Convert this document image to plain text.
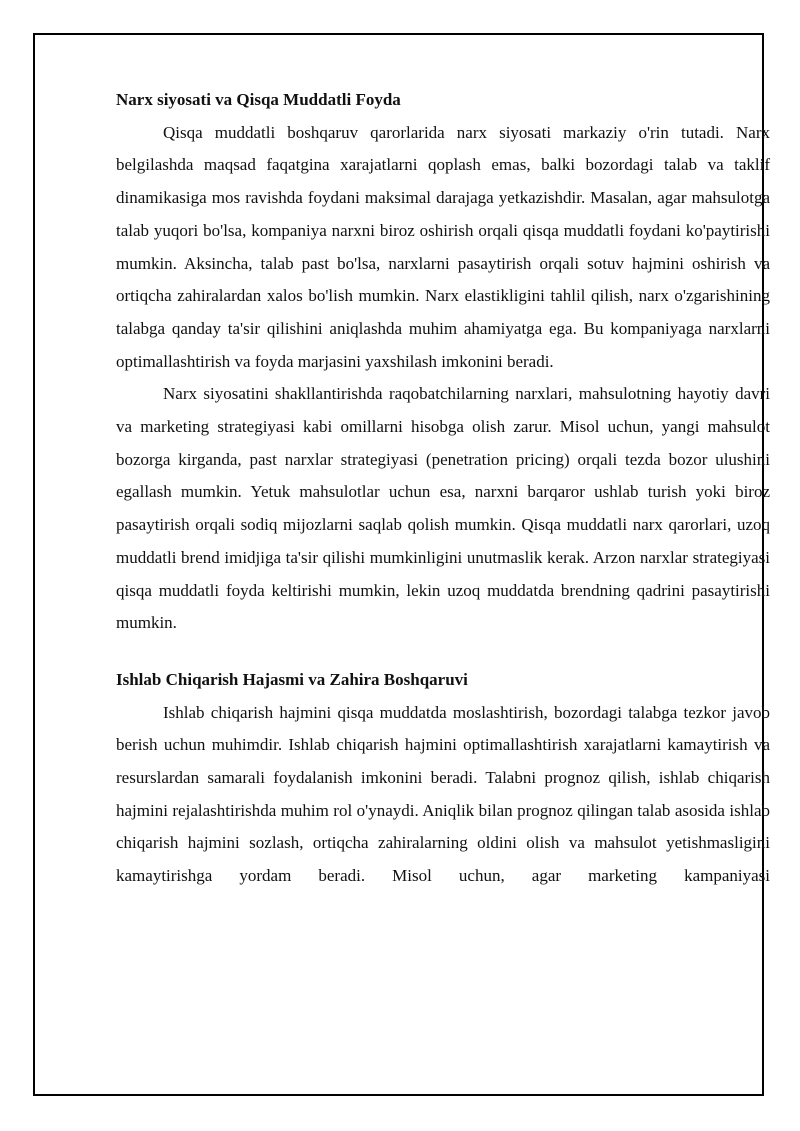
Narx siyosati va Qisqa Muddatli Foyda

Qisqa muddatli boshqaruv qarorlarida narx siyosati markaziy o'rin tutadi. Narx belgilashda maqsad faqatgina xarajatlarni qoplash emas, balki bozordagi talab va taklif dinamikasiga mos ravishda foydani maksimal darajaga yetkazishdir. Masalan, agar mahsulotga talab yuqori bo'lsa, kompaniya narxni biroz oshirish orqali qisqa muddatli foydani ko'paytirishi mumkin. Aksincha, talab past bo'lsa, narxlarni pasaytirish orqali sotuv hajmini oshirish va ortiqcha zahiralardan xalos bo'lish mumkin. Narx elastikligini tahlil qilish, narx o'zgarishining talabga qanday ta'sir qilishini aniqlashda muhim ahamiyatga ega. Bu kompaniyaga narxlarni optimallashtirish va foyda marjasini yaxshilash imkonini beradi.

Narx siyosatini shakllantirishda raqobatchilarning narxlari, mahsulotning hayotiy davri va marketing strategiyasi kabi omillarni hisobga olish zarur. Misol uchun, yangi mahsulot bozorga kirganda, past narxlar strategiyasi (penetration pricing) orqali tezda bozor ulushini egallash mumkin. Yetuk mahsulotlar uchun esa, narxni barqaror ushlab turish yoki biroz pasaytirish orqali sodiq mijozlarni saqlab qolish mumkin. Qisqa muddatli narx qarorlari, uzoq muddatli brend imidjiga ta'sir qilishi mumkinligini unutmaslik kerak. Arzon narxlar strategiyasi qisqa muddatli foyda keltirishi mumkin, lekin uzoq muddatda brendning qadrini pasaytirishi mumkin.

Ishlab Chiqarish Hajasmi va Zahira Boshqaruvi

Ishlab chiqarish hajmini qisqa muddatda moslashtirish, bozordagi talabga tezkor javob berish uchun muhimdir. Ishlab chiqarish hajmini optimallashtirish xarajatlarni kamaytirish va resurslardan samarali foydalanish imkonini beradi. Talabni prognoz qilish, ishlab chiqarish hajmini rejalashtirishda muhim rol o'ynaydi. Aniqlik bilan prognoz qilingan talab asosida ishlab chiqarish hajmini sozlash, ortiqcha zahiralarning oldini olish va mahsulot yetishmasligini kamaytirishga yordam beradi. Misol uchun, agar marketing kampaniyasi
